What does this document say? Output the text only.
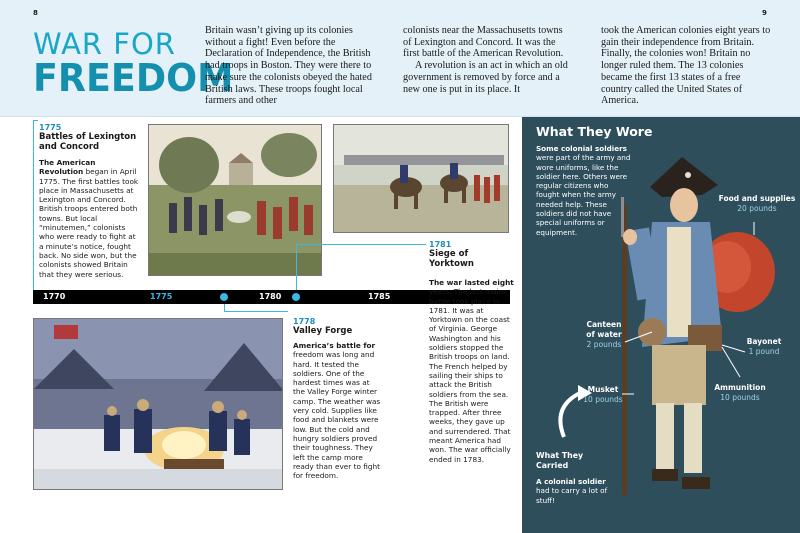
8	9
WAR FOR
FREEDOM

Britain wasn’t giving up its colonies without a fight! Even before the Declaration of Independence, the British had troops in Boston. They were there to make sure the colonists obeyed the hated British laws. These troops fought local farmers and other

colonists near the Massachusetts towns of Lexington and Concord. It was the first battle of the American Revolution.

A revolution is an act in which an old government is removed by force and a new one is put in its place. It

took the American colonies eight years to gain their independence from Britain. Finally, the colonies won! Britain no longer ruled them. The 13 colonies became the first 13 states of a free country called the United States of America.

1775
Battles of Lexington and Concord
The American Revolution began in April 1775. The first battles took place in Massachusetts at Lexington and Concord. British troops entered both towns. But local “minutemen,” colonists who were ready to fight at a minute’s notice, fought back. No side won, but the colonists showed Britain that they were serious.
1770	1775	1780	1785
1778
Valley Forge
America’s battle for freedom was long and hard. It tested the soldiers. One of the hardest times was at the Valley Forge winter camp. The weather was very cold. Supplies like food and blankets were low. But the cold and hungry soldiers proved their toughness. They left the camp more ready than ever to fight for freedom.
1781
Siege of Yorktown
The war lasted eight years. The last major battle took place in 1781. It was at Yorktown on the coast of Virginia. George Washington and his soldiers stopped the British troops on land. The French helped by sailing their ships to attack the British soldiers from the sea. The British were trapped. After three weeks, they gave up and surrendered. That meant America had won. The war officially ended in 1783.
What They Wore
Some colonial soldiers were part of the army and wore uniforms, like the soldier here. Others were regular citizens who fought when the army needed help. These soldiers did not have special uniforms or equipment.
Food and supplies
20 pounds
Canteen of water
2 pounds	Bayonet
1 pound
Musket
10 pounds
Ammunition
10 pounds
What They Carried
A colonial soldier had to carry a lot of stuff!
